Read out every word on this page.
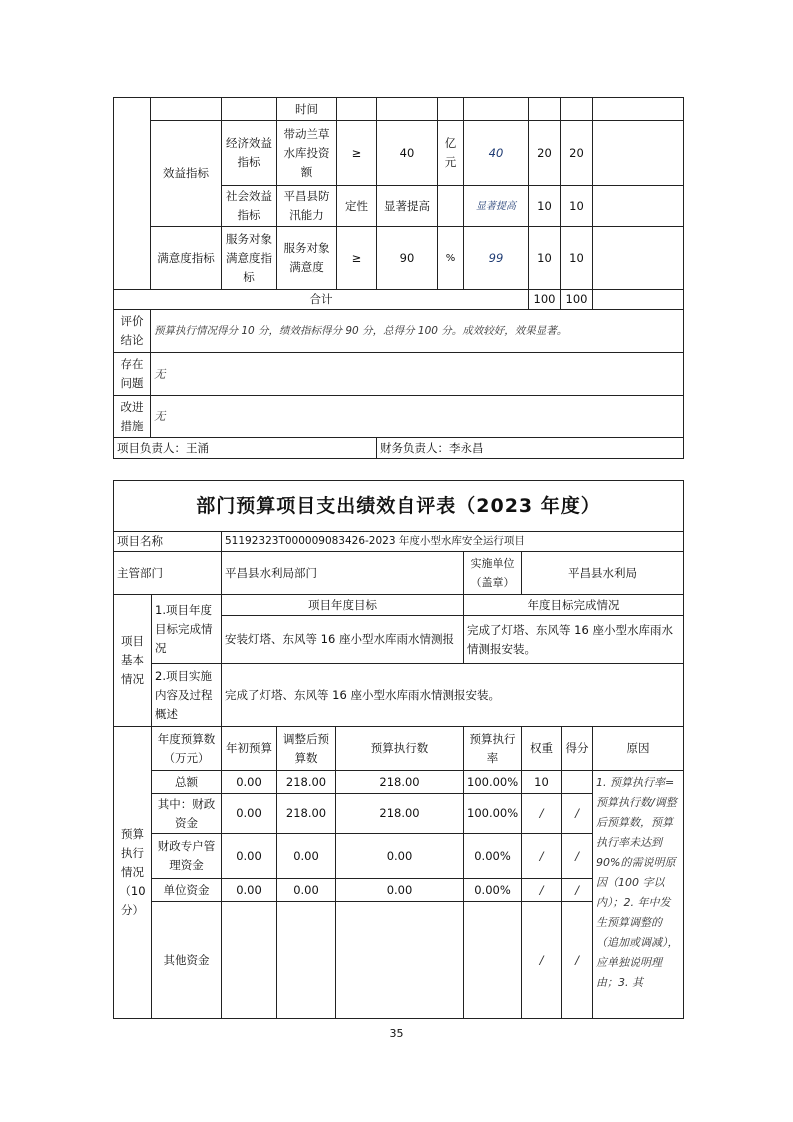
			时间							
	效益指标	经济效益指标	带动兰草水库投资额	≥	40	亿元	40	20	20	
		社会效益指标	平昌县防汛能力	定性	显著提高		显著提高	10	10	
	满意度指标	服务对象满意度指标	服务对象满意度	≥	90	%	99	10	10	
合计								100	100	
评价结论	预算执行情况得分 10 分，绩效指标得分 90 分，总得分 100 分。成效较好，效果显著。									
存在问题	无									
改进措施	无									
项目负责人：王涌					财务负责人：李永昌					
部门预算项目支出绩效自评表（2023 年度）								
项目名称		51192323T000009083426-2023 年度小型水库安全运行项目						
主管部门		平昌县水利局部门			实施单位（盖章）	平昌县水利局		
项目基本情况	1.项目年度目标完成情况	项目年度目标			年度目标完成情况			
		安装灯塔、东风等 16 座小型水库雨水情测报			完成了灯塔、东风等 16 座小型水库雨水情测报安装。			
	2.项目实施内容及过程概述	完成了灯塔、东风等 16 座小型水库雨水情测报安装。						
预算执行情况（10分）	年度预算数（万元）	年初预算	调整后预算数	预算执行数	预算执行率	权重	得分	原因
	总额	0.00	218.00	218.00	100.00%	10		1. 预算执行率=预算执行数/调整后预算数，预算执行率未达到 90%的需说明原因（100 字以内）；2. 年中发生预算调整的（追加或调减），应单独说明理由；3. 其
	其中：财政资金	0.00	218.00	218.00	100.00%	/	/	
	财政专户管理资金	0.00	0.00	0.00	0.00%	/	/	
	单位资金	0.00	0.00	0.00	0.00%	/	/	
	其他资金					/	/	
35
